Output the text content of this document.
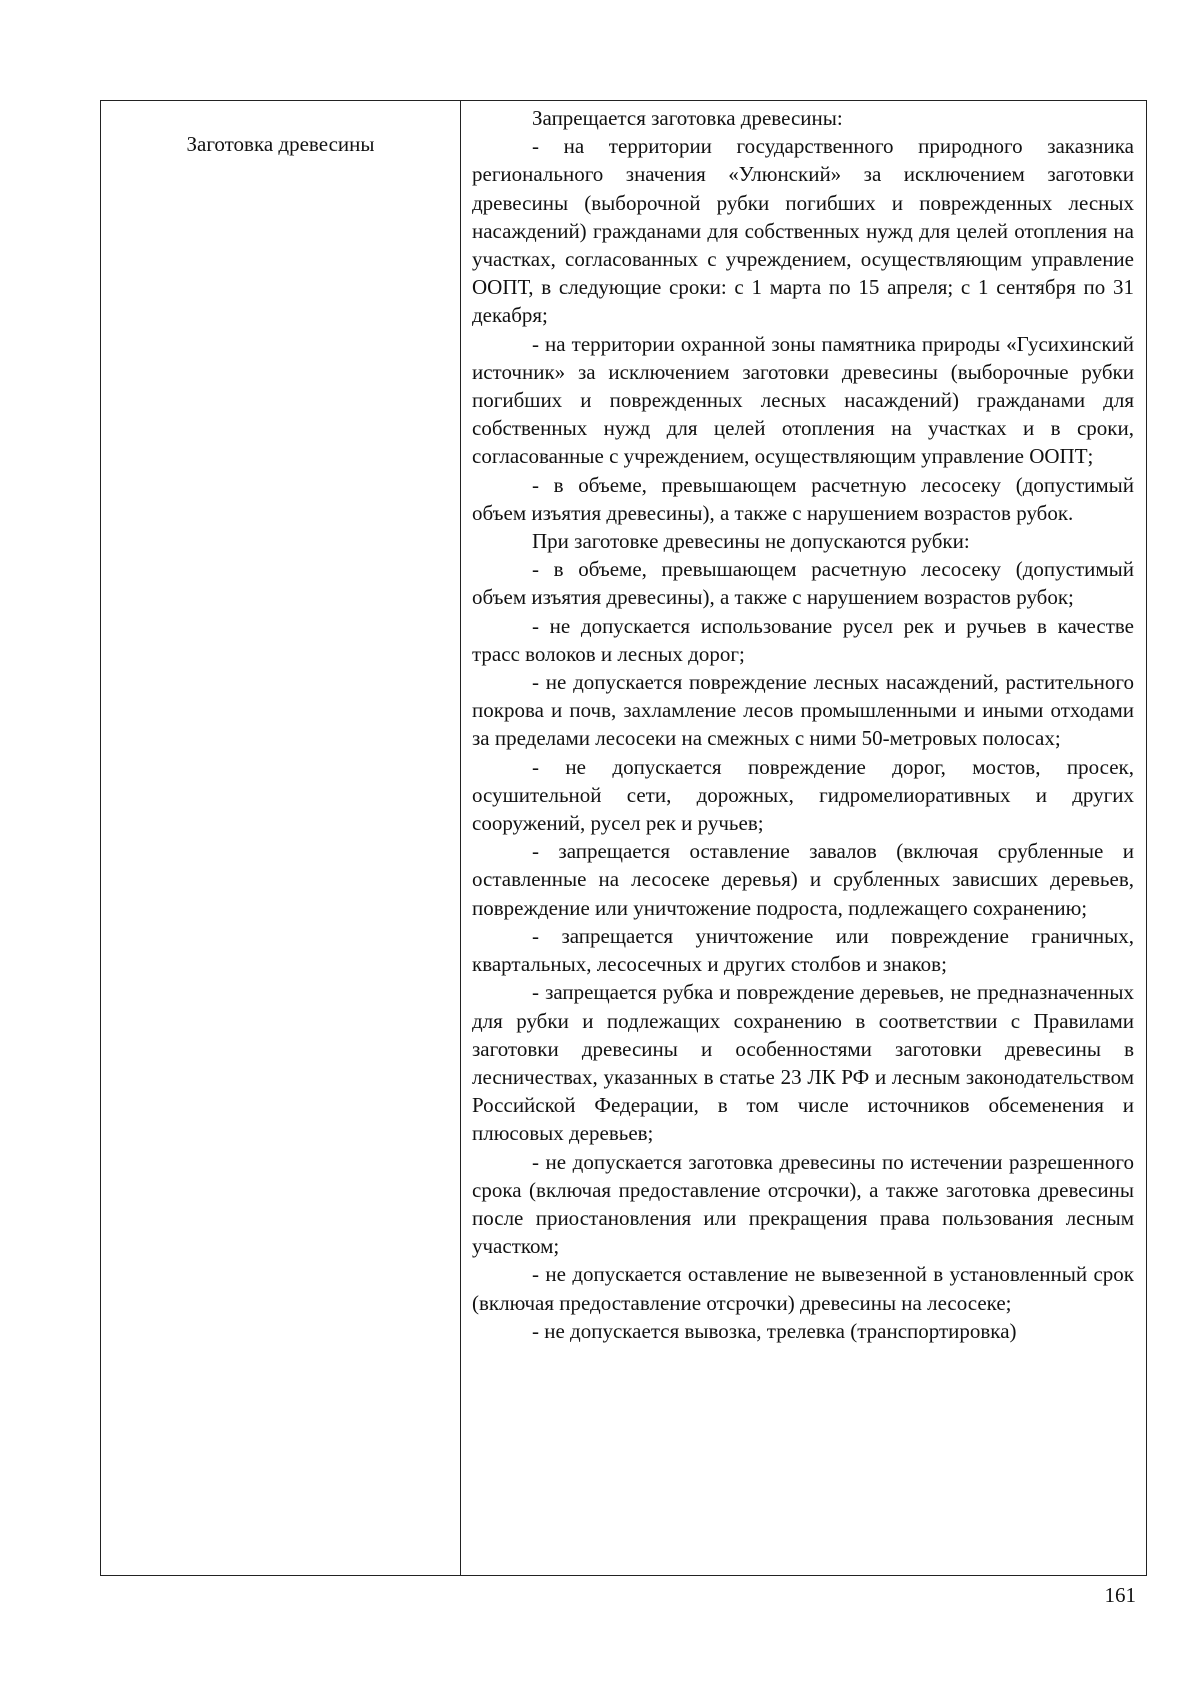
Заготовка древесины

Запрещается заготовка древесины:

- на территории государственного природного заказника регионального значения «Улюнский» за исключением заготовки древесины (выборочной рубки погибших и поврежденных лесных насаждений) гражданами для собственных нужд для целей отопления на участках, согласованных с учреждением, осуществляющим управление ООПТ, в следующие сроки: с 1 марта по 15 апреля; с 1 сентября по 31 декабря;

- на территории охранной зоны памятника природы «Гусихинский источник» за исключением заготовки древесины (выборочные рубки погибших и поврежденных лесных насаждений) гражданами для собственных нужд для целей отопления на участках и в сроки, согласованные с учреждением, осуществляющим управление ООПТ;

- в объеме, превышающем расчетную лесосеку (допустимый объем изъятия древесины), а также с нарушением возрастов рубок.

При заготовке древесины не допускаются рубки:

- в объеме, превышающем расчетную лесосеку (допустимый объем изъятия древесины), а также с нарушением возрастов рубок;

- не допускается использование русел рек и ручьев в качестве трасс волоков и лесных дорог;

- не допускается повреждение лесных насаждений, растительного покрова и почв, захламление лесов промышленными и иными отходами за пределами лесосеки на смежных с ними 50-метровых полосах;

- не допускается повреждение дорог, мостов, просек, осушительной сети, дорожных, гидромелиоративных и других сооружений, русел рек и ручьев;

- запрещается оставление завалов (включая срубленные и оставленные на лесосеке деревья) и срубленных зависших деревьев, повреждение или уничтожение подроста, подлежащего сохранению;

- запрещается уничтожение или повреждение граничных, квартальных, лесосечных и других столбов и знаков;

- запрещается рубка и повреждение деревьев, не предназначенных для рубки и подлежащих сохранению в соответствии с Правилами заготовки древесины и особенностями заготовки древесины в лесничествах, указанных в статье 23 ЛК РФ и лесным законодательством Российской Федерации, в том числе источников обсеменения и плюсовых деревьев;

- не допускается заготовка древесины по истечении разрешенного срока (включая предоставление отсрочки), а также заготовка древесины после приостановления или прекращения права пользования лесным участком;

- не допускается оставление не вывезенной в установленный срок (включая предоставление отсрочки) древесины на лесосеке;

- не допускается вывозка, трелевка (транспортировка)

161
